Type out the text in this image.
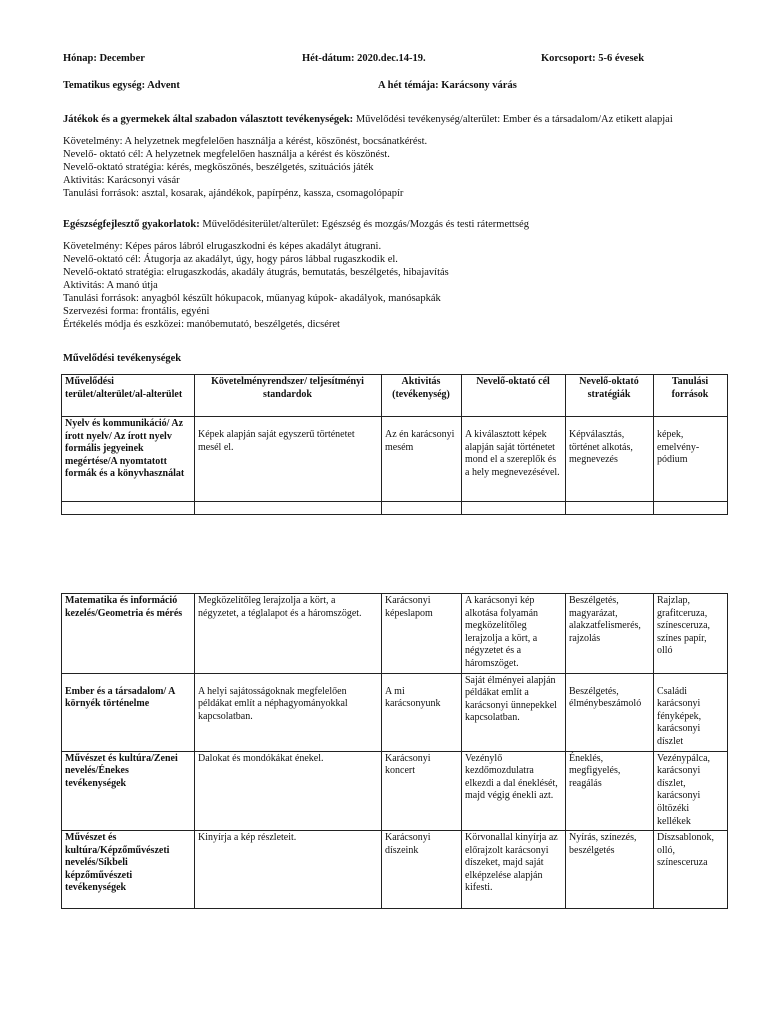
Hónap: December	Hét-dátum: 2020.dec.14-19.	Korcsoport: 5-6 évesek
Tematikus egység: Advent	A hét témája: Karácsony várás

Játékok és a gyermekek által szabadon választott tevékenységek: Művelődési tevékenység/alterület: Ember és a társadalom/Az etikett alapjai

Követelmény: A helyzetnek megfelelően használja a kérést, köszönést, bocsánatkérést.

Nevelő- oktató cél: A helyzetnek megfelelően használja a kérést és köszönést.

Nevelő-oktató stratégia: kérés, megköszönés, beszélgetés, szituációs játék

Aktivitás: Karácsonyi vásár

Tanulási források: asztal, kosarak, ajándékok, papírpénz, kassza, csomagolópapír

Egészségfejlesztő gyakorlatok: Művelődésiterület/alterület: Egészség és mozgás/Mozgás és testi rátermettség

Követelmény: Képes páros lábról elrugaszkodni és képes akadályt átugrani.

Nevelő-oktató cél: Átugorja az akadályt, úgy, hogy páros lábbal rugaszkodik el.

Nevelő-oktató stratégia: elrugaszkodás, akadály átugrás, bemutatás, beszélgetés, hibajavítás

Aktivitás: A manó útja

Tanulási források: anyagból készült hókupacok, műanyag kúpok- akadályok, manósapkák

Szervezési forma: frontális, egyéni

Értékelés módja és eszközei: manóbemutató, beszélgetés, dicséret

Művelődési tevékenységek
Művelődési terület/alterület/al-alterület	Követelményrendszer/ teljesítményi standardok	Aktivitás (tevékenység)	Nevelő-oktató cél	Nevelő-oktató stratégiák	Tanulási források
Nyelv és kommunikáció/ Az írott nyelv/ Az írott nyelv formális jegyeinek megértése/A nyomtatott formák és a könyvhasználat	Képek alapján saját egyszerű történetet mesél el.	Az én karácsonyi mesém	A kiválasztott képek alapján saját történetet mond el a szereplők és a hely megnevezésével.	Képválasztás, történet alkotás, megnevezés	képek, emelvény-pódium

Matematika és információ kezelés/Geometria és mérés	Megközelítőleg lerajzolja a kört, a négyzetet, a téglalapot és a háromszöget.	Karácsonyi képeslapom	A karácsonyi kép alkotása folyamán megközelítőleg lerajzolja a kört, a négyzetet és a háromszöget.	Beszélgetés, magyarázat, alakzatfelismerés, rajzolás	Rajzlap, grafitceruza, színesceruza, színes papír, olló
Ember és a társadalom/ A környék történelme	A helyi sajátosságoknak megfelelően példákat említ a néphagyományokkal kapcsolatban.	A mi karácsonyunk	Saját élményei alapján példákat említ a karácsonyi ünnepekkel kapcsolatban.	Beszélgetés, élménybeszámoló	Családi karácsonyi fényképek, karácsonyi díszlet
Művészet és kultúra/Zenei nevelés/Énekes tevékenységek	Dalokat és mondókákat énekel.	Karácsonyi koncert	Vezénylő kezdőmozdulatra elkezdi a dal éneklését, majd végig énekli azt.	Éneklés, megfigyelés, reagálás	Vezénypálca, karácsonyi díszlet, karácsonyi öltözéki kellékek
Művészet és kultúra/Képzőművészeti nevelés/Síkbeli képzőművészeti tevékenységek	Kinyírja a kép részleteit.	Karácsonyi díszeink	Körvonallal kinyírja az előrajzolt karácsonyi díszeket, majd saját elképzelése alapján kifesti.	Nyírás, színezés, beszélgetés	Díszsablonok, olló, színesceruza
